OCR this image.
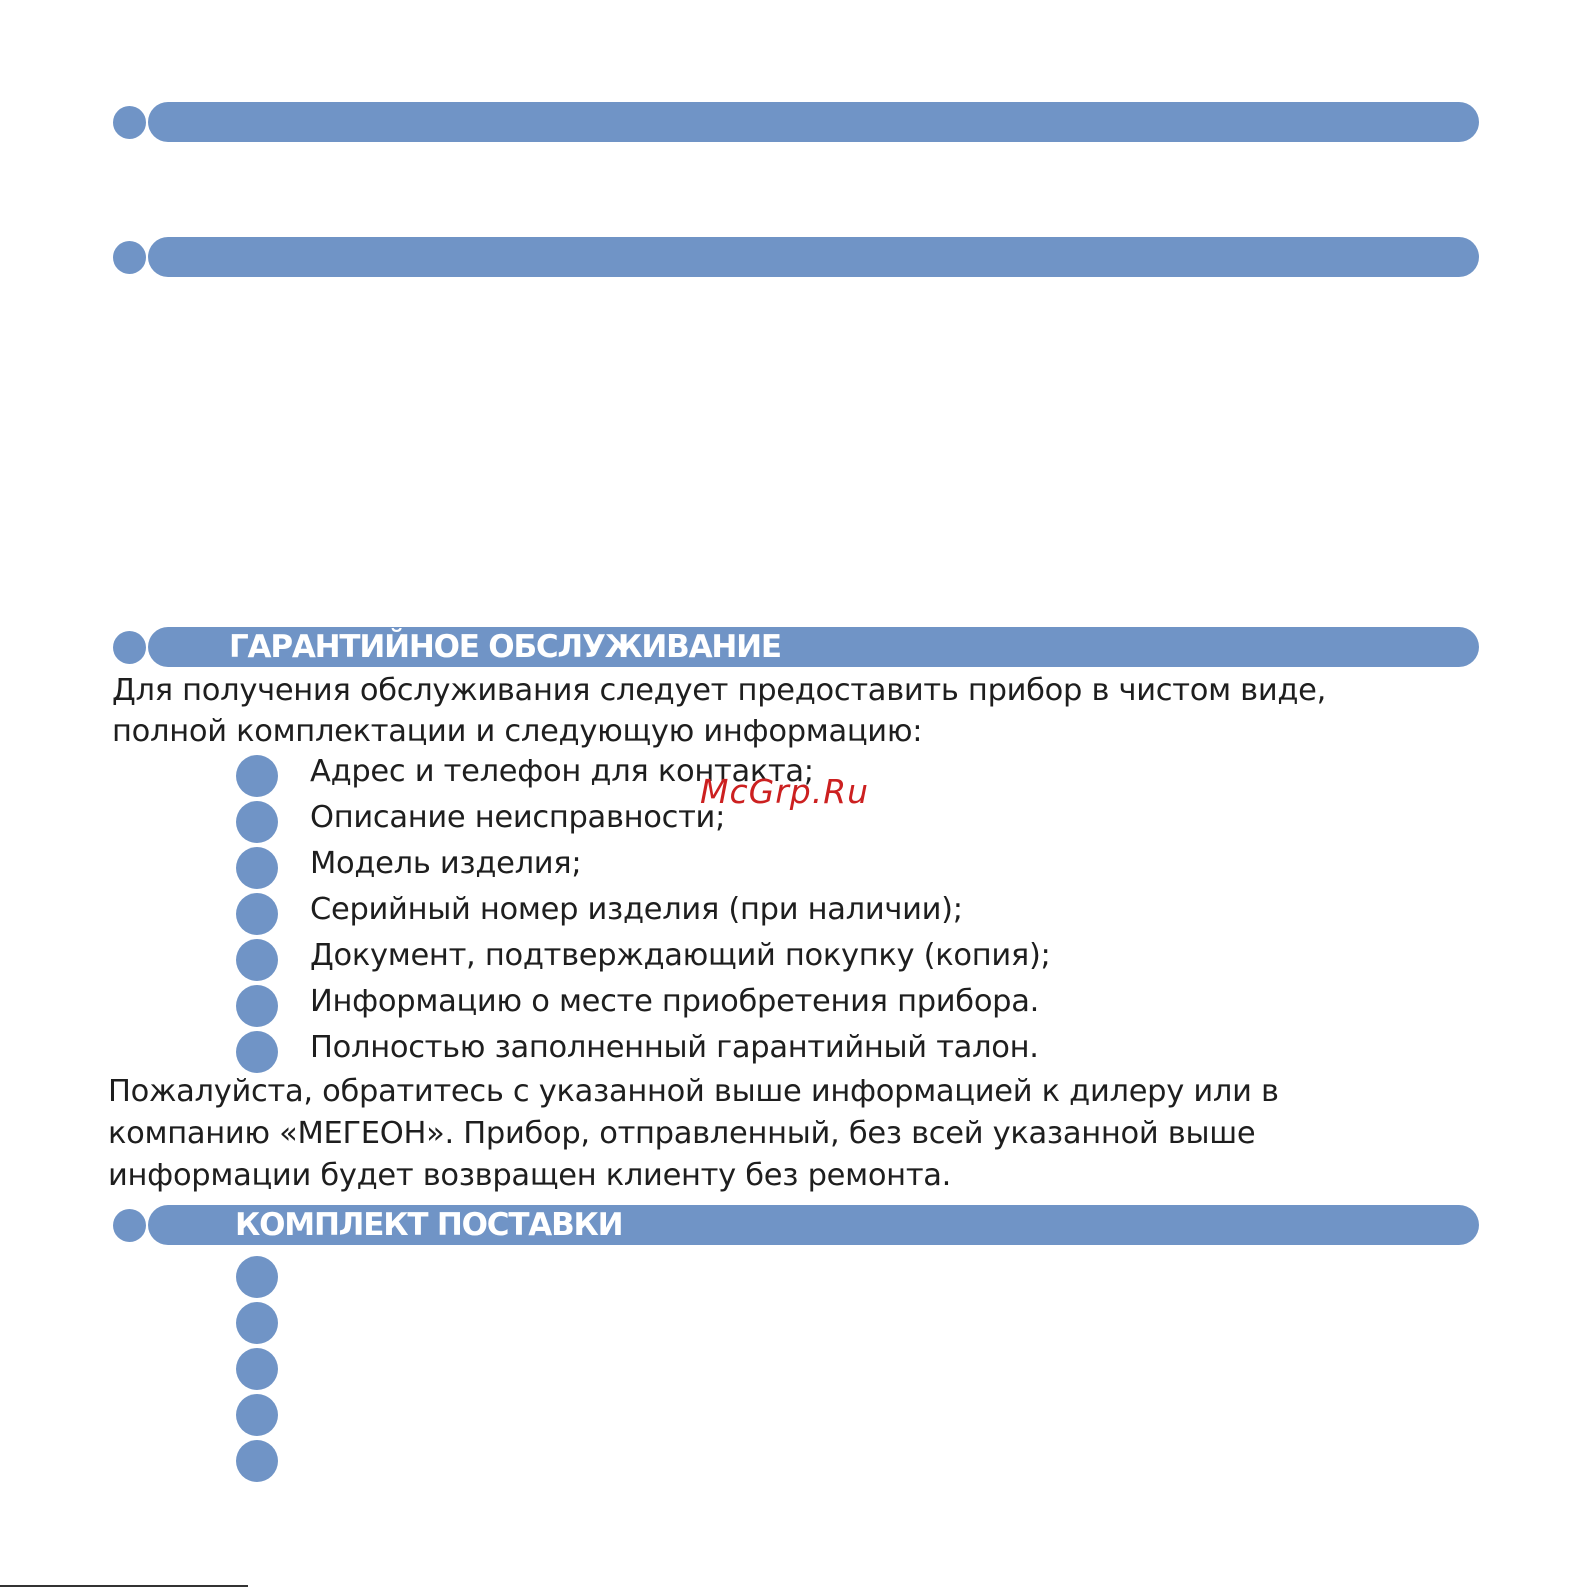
ГАРАНТИЙНОЕ ОБСЛУЖИВАНИЕ

Для получения обслуживания следует предоставить прибор в чистом виде,

полной комплектации и следующую информацию:

Адрес и телефон для контакта;
Описание неисправности;
Модель изделия;
Серийный номер изделия (при наличии);
Документ, подтверждающий покупку (копия);
Информацию о месте приобретения прибора.
Полностью заполненный гарантийный талон.

Пожалуйста, обратитесь с указанной выше информацией к дилеру или в

компанию «МЕГЕОН». Прибор, отправленный, без всей указанной выше

информации будет возвращен клиенту без ремонта.

КОМПЛЕКТ ПОСТАВКИ
McGrp.Ru
